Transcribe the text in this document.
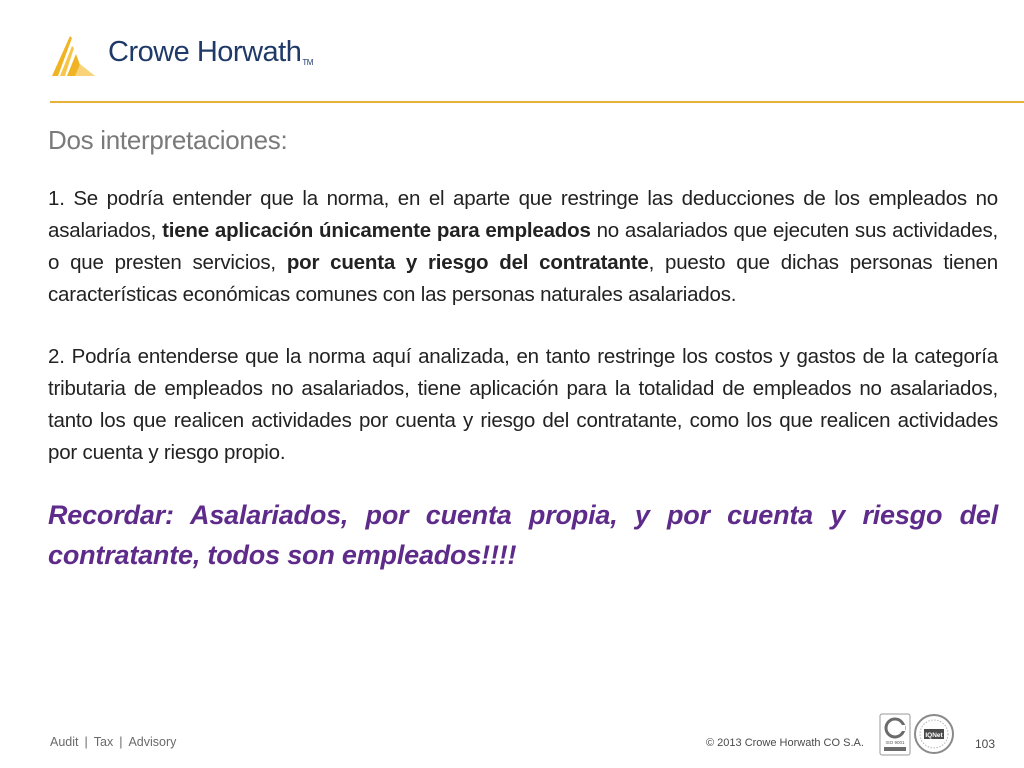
Crowe Horwath™
Dos interpretaciones:

1. Se podría entender que la norma, en el aparte que restringe las deducciones de los empleados no asalariados, tiene aplicación únicamente para empleados no asalariados que ejecuten sus actividades, o que presten servicios, por cuenta y riesgo del contratante, puesto que dichas personas tienen características económicas comunes con las personas naturales asalariados.

2. Podría entenderse que la norma aquí analizada, en tanto restringe los costos y gastos de la categoría tributaria de empleados no asalariados, tiene aplicación para la totalidad de empleados no asalariados, tanto los que realicen actividades por cuenta y riesgo del contratante, como los que realicen actividades por cuenta y riesgo propio.

Recordar: Asalariados, por cuenta propia, y por cuenta y riesgo del contratante, todos son empleados!!!!

Audit | Tax | Advisory	© 2013 Crowe Horwath CO S.A.	ISO 9001
IQNet
103
